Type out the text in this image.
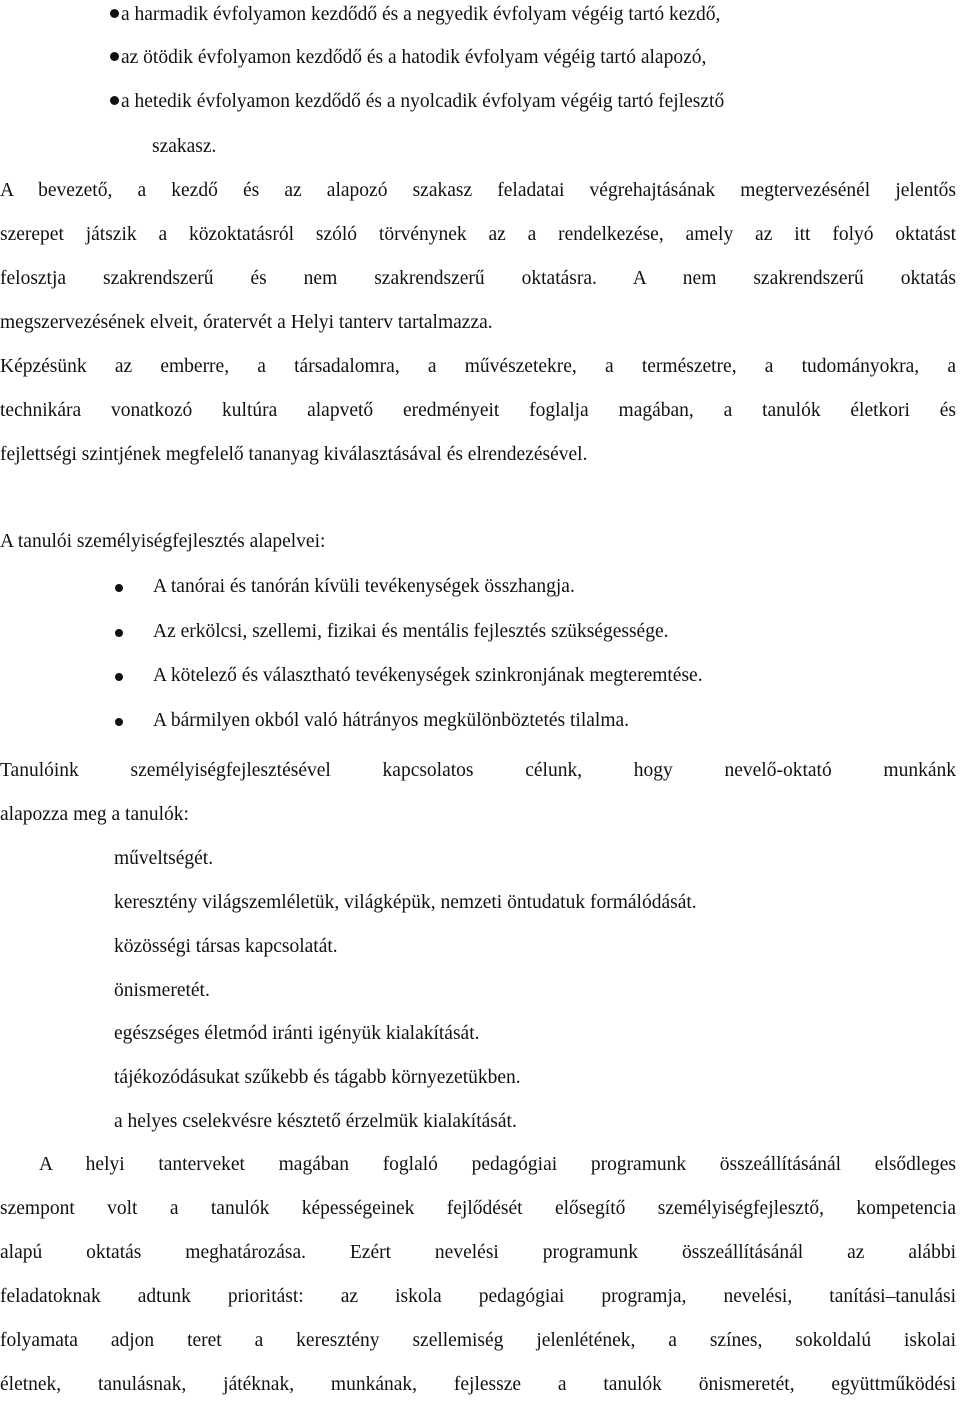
a harmadik évfolyamon kezdődő és a negyedik évfolyam végéig tartó kezdő,
az ötödik évfolyamon kezdődő és a hatodik évfolyam végéig tartó alapozó,
a hetedik évfolyamon kezdődő és a nyolcadik évfolyam végéig tartó fejlesztő
szakasz.
A bevezető, a kezdő és az alapozó szakasz feladatai végrehajtásának megtervezésénél jelentős
szerepet játszik a közoktatásról szóló törvénynek az a rendelkezése, amely az itt folyó oktatást
felosztja szakrendszerű és nem szakrendszerű oktatásra. A nem szakrendszerű oktatás
megszervezésének elveit, óratervét a Helyi tanterv tartalmazza.
Képzésünk az emberre, a társadalomra, a művészetekre, a természetre, a tudományokra, a
technikára vonatkozó kultúra alapvető eredményeit foglalja magában, a tanulók életkori és
fejlettségi szintjének megfelelő tananyag kiválasztásával és elrendezésével.
A tanulói személyiségfejlesztés alapelvei:
A tanórai és tanórán kívüli tevékenységek összhangja.
Az erkölcsi, szellemi, fizikai és mentális fejlesztés szükségessége.
A kötelező és választható tevékenységek szinkronjának megteremtése.
A bármilyen okból való hátrányos megkülönböztetés tilalma.
Tanulóink személyiségfejlesztésével kapcsolatos célunk, hogy nevelő-oktató munkánk
alapozza meg a tanulók:
műveltségét.
keresztény világszemléletük, világképük, nemzeti öntudatuk formálódását.
közösségi társas kapcsolatát.
önismeretét.
egészséges életmód iránti igényük kialakítását.
tájékozódásukat szűkebb és tágabb környezetükben.
a helyes cselekvésre késztető érzelmük kialakítását.
A helyi tanterveket magában foglaló pedagógiai programunk összeállításánál elsődleges
szempont volt a tanulók képességeinek fejlődését elősegítő személyiségfejlesztő, kompetencia
alapú oktatás meghatározása. Ezért nevelési programunk összeállításánál az alábbi
feladatoknak adtunk prioritást: az iskola pedagógiai programja, nevelési, tanítási–tanulási
folyamata adjon teret a keresztény szellemiség jelenlétének, a színes, sokoldalú iskolai
életnek, tanulásnak, játéknak, munkának, fejlessze a tanulók önismeretét, együttműködési
